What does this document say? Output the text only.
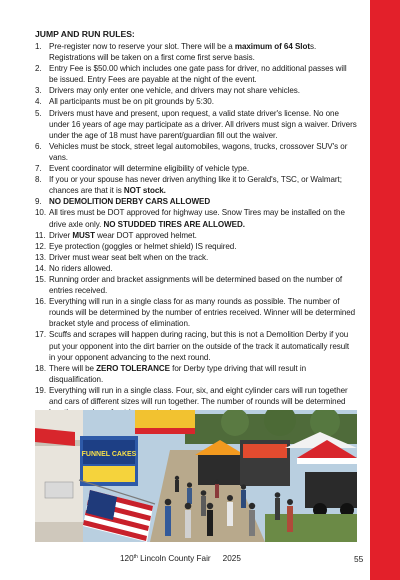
JUMP AND RUN RULES:
1. Pre-register now to reserve your slot. There will be a maximum of 64 Slots. Registrations will be taken on a first come first serve basis.
2. Entry Fee is $50.00 which includes one gate pass for driver, no additional passes will be issued. Entry Fees are payable at the night of the event.
3. Drivers may only enter one vehicle, and drivers may not share vehicles.
4. All participants must be on pit grounds by 5:30.
5. Drivers must have and present, upon request, a valid state driver's license. No one under 16 years of age may participate as a driver. All drivers must sign a waiver. Drivers under the age of 18 must have parent/guardian fill out the waiver.
6. Vehicles must be stock, street legal automobiles, wagons, trucks, crossover SUV's or vans.
7. Event coordinator will determine eligibility of vehicle type.
8. If you or your spouse has never driven anything like it to Gerald's, TSC, or Walmart; chances are that it is NOT stock.
9. NO DEMOLITION DERBY CARS ALLOWED
10. All tires must be DOT approved for highway use. Snow Tires may be installed on the drive axle only. NO STUDDED TIRES ARE ALLOWED.
11. Driver MUST wear DOT approved helmet.
12. Eye protection (goggles or helmet shield) IS required.
13. Driver must wear seat belt when on the track.
14. No riders allowed.
15. Running order and bracket assignments will be determined based on the number of entries received.
16. Everything will run in a single class for as many rounds as possible. The number of rounds will be determined by the number of entries received. Winner will be determined bracket style and process of elimination.
17. Scuffs and scrapes will happen during racing, but this is not a Demolition Derby if you put your opponent into the dirt barrier on the outside of the track it automatically result in your opponent advancing to the next round.
18. There will be ZERO TOLERANCE for Derby type driving that will result in disqualification.
19. Everything will run in a single class. Four, six, and eight cylinder cars will run together and cars of different sizes will run together. The number of rounds will be determined
FUNNEL CAKES
120th Lincoln County Fair 2025	55
